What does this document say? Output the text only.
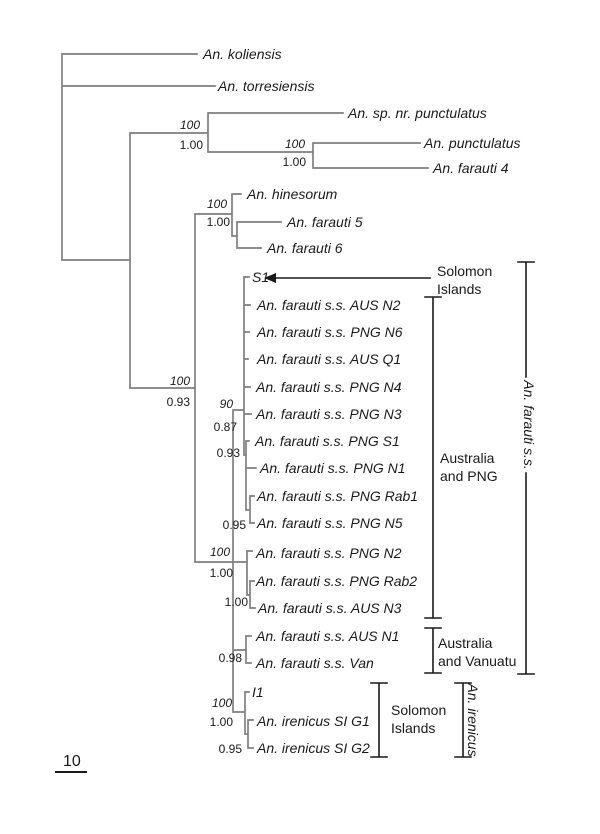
An. koliensis
An. torresiensis
An. sp. nr. punctulatus
An. punctulatus
An. farauti 4
An. hinesorum
An. farauti 5
An. farauti 6
S1
An. farauti s.s. AUS N2
An. farauti s.s. PNG N6
An. farauti s.s. AUS Q1
An. farauti s.s. PNG N4
An. farauti s.s. PNG N3
An. farauti s.s. PNG S1
An. farauti s.s. PNG N1
An. farauti s.s. PNG Rab1
An. farauti s.s. PNG N5
An. farauti s.s. PNG N2
An. farauti s.s. PNG Rab2
An. farauti s.s. AUS N3
An. farauti s.s. AUS N1
An. farauti s.s. Van
I1
An. irenicus SI G1
An. irenicus SI G2
100
1.00	100
1.00
100
1.00
100
0.93	90
0.87
0.93
0.95
100
1.00
1.00
0.98
100
1.00
0.95
Solomon
Islands
Australia
and PNG
Australia
and Vanuatu
Solomon
Islands
An. farauti s.s.
An. irenicus
10
